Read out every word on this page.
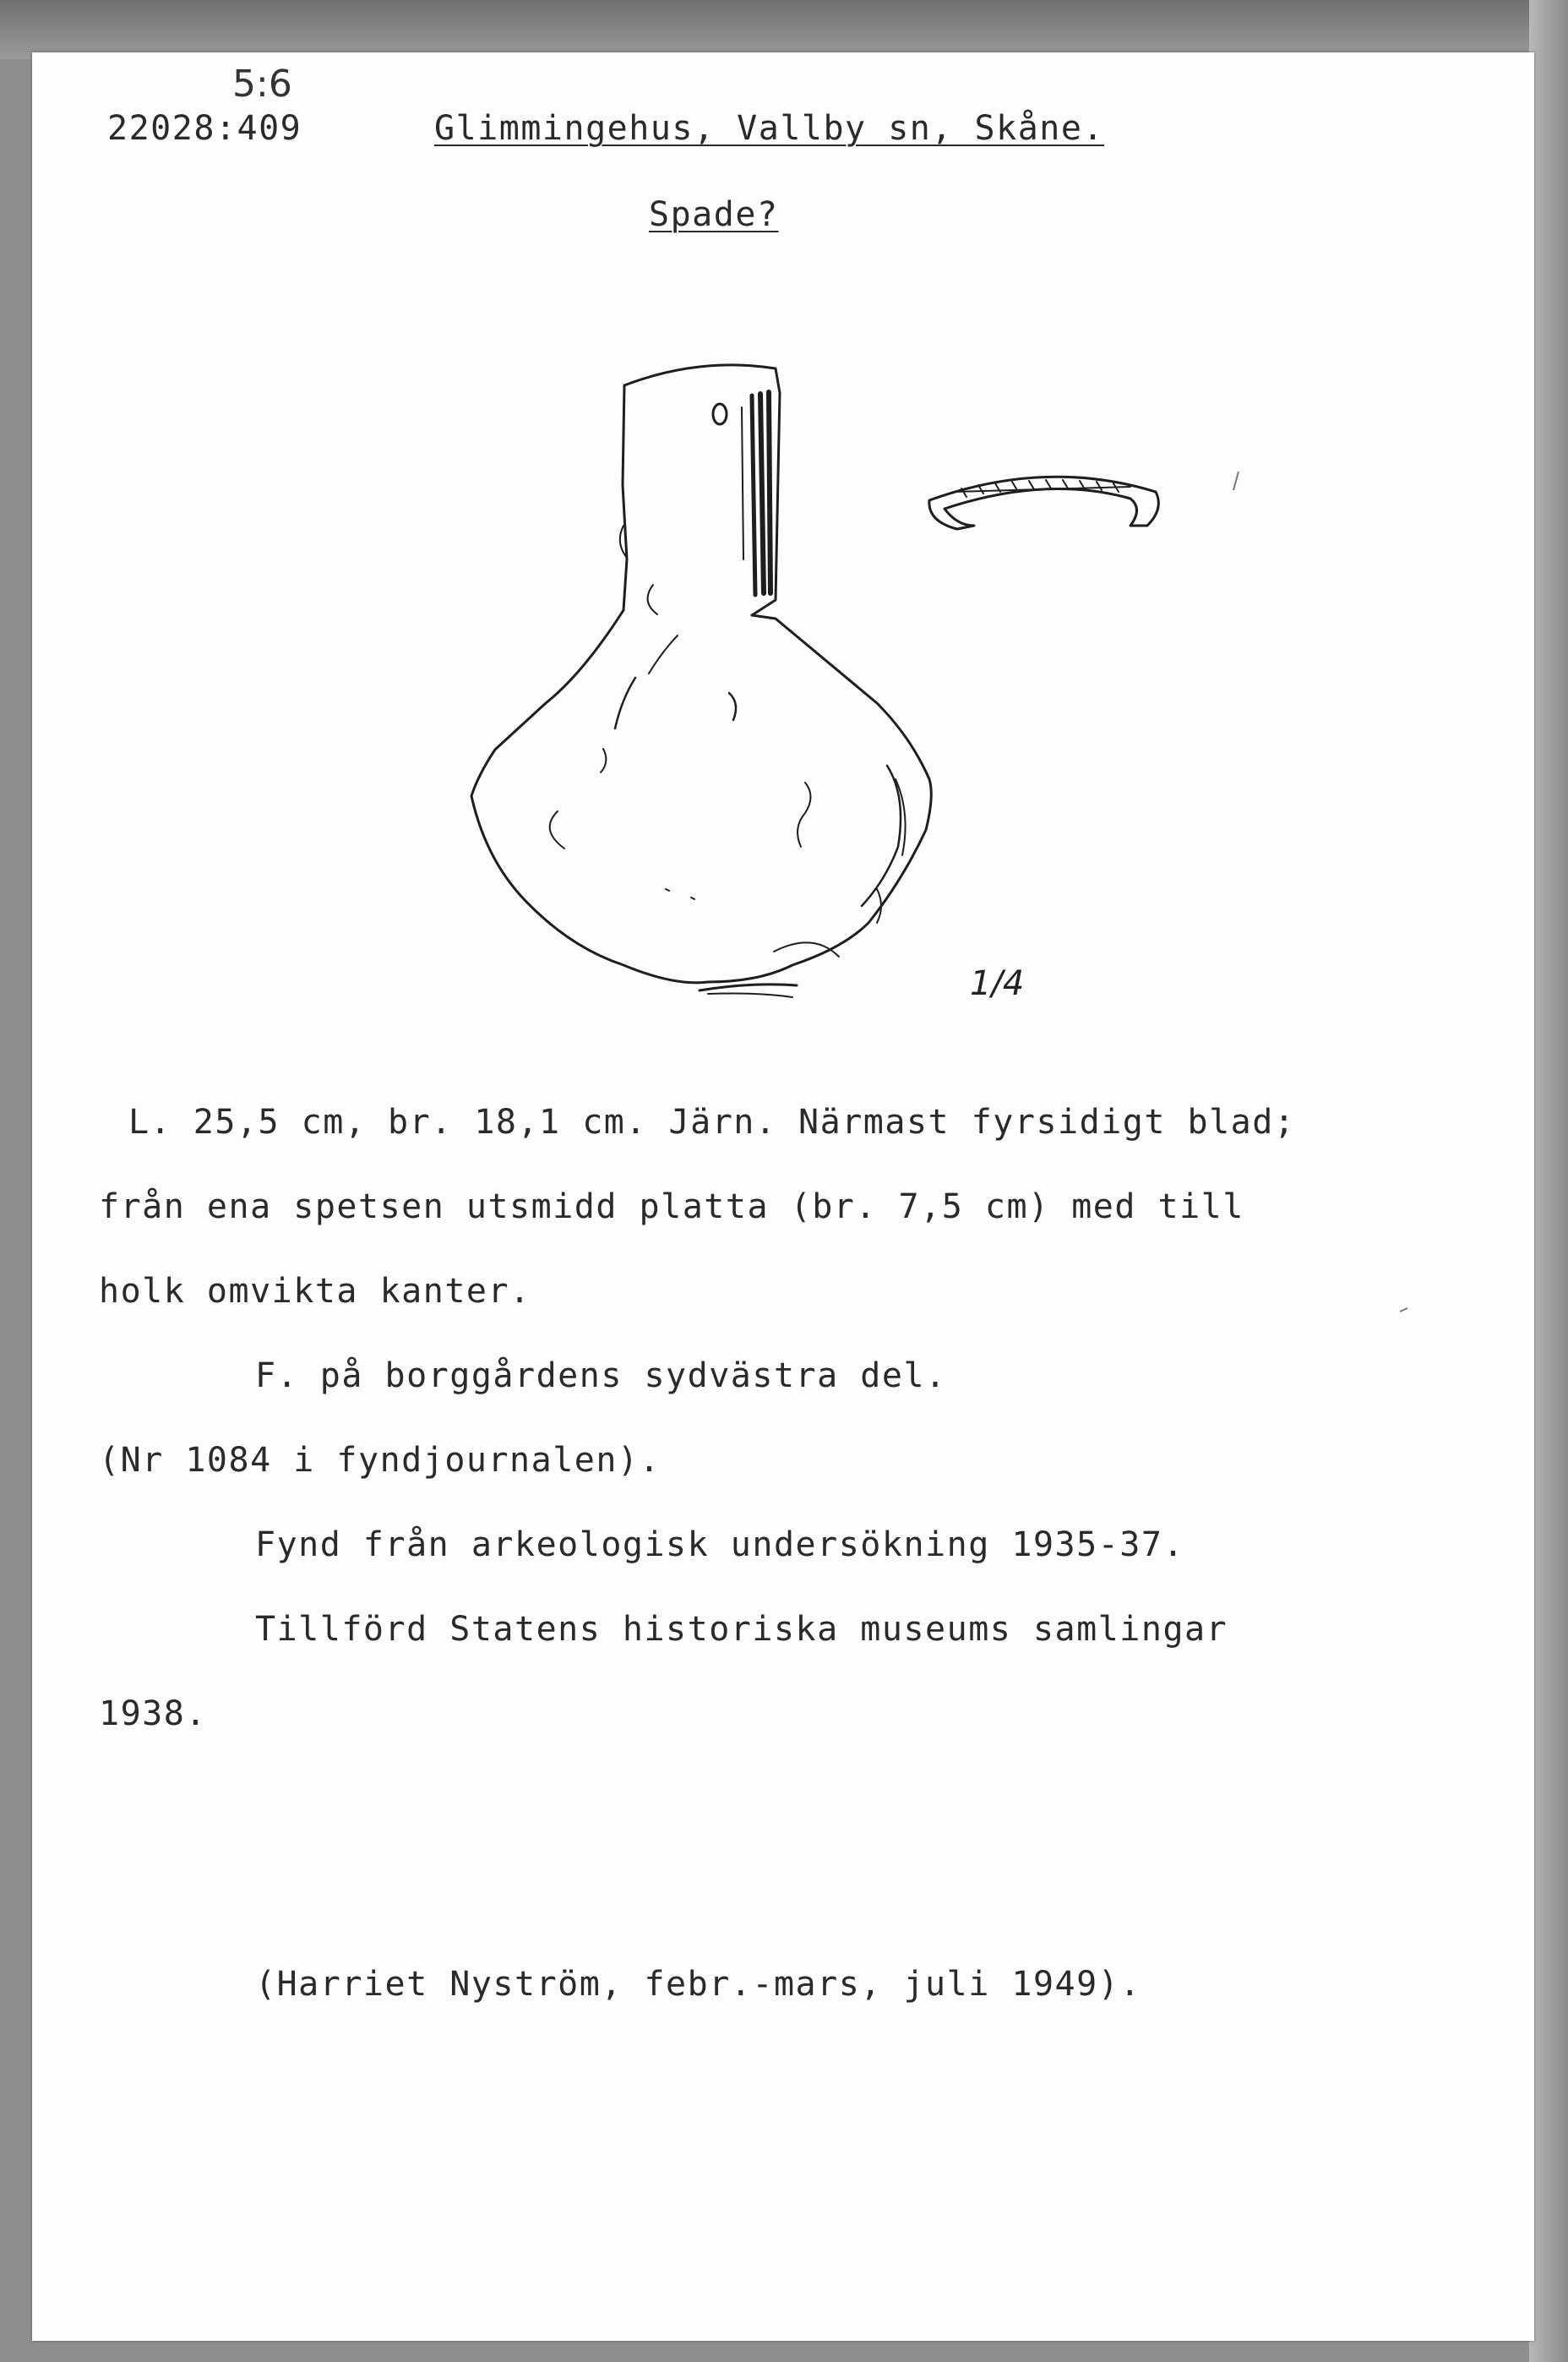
5:6
22028:409	Glimmingehus, Vallby sn, Skåne.
Spade?
1/4
L. 25,5 cm, br. 18,1 cm. Järn. Närmast fyrsidigt blad;
från ena spetsen utsmidd platta (br. 7,5 cm) med till
holk omvikta kanter.
F. på borggårdens sydvästra del.
(Nr 1084 i fyndjournalen).
Fynd från arkeologisk undersökning 1935-37.
Tillförd Statens historiska museums samlingar
1938.
(Harriet Nyström, febr.-mars, juli 1949).
